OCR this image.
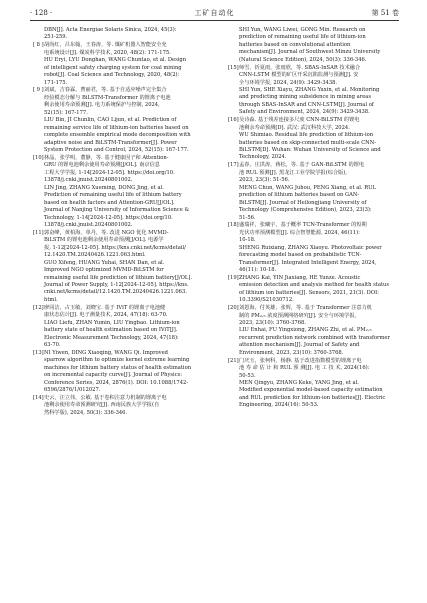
· 128 ·	工矿自动化	第 51 卷
DBN[J]. Acta Energiae Solaris Sinica, 2024, 45(3):
251-259.
[ 8 ]胡尚红，吕东翰，王春涛，等. 煤矿机器人智能安全充
电系统设计[J]. 煤炭科学技术, 2020, 48(2): 171-175.
HU Eryi, LYU Donghan, WANG Chuntao, et al. Design
of intelligent safety charging system for coal mining
robot[J]. Coal Science and Technology, 2020, 48(2):
171-175.
[ 9 ]刘斌，吉春霖，曹丽君，等. 基于自适应噪声完全集合
经验模态分解与 BiLSTM-Transformer 的锂离子电池
剩余使用寿命预测[J]. 电力系统保护与控制, 2024,
52(15): 167-177.
LIU Bin, JI Chunlin, CAO Lijun, et al. Prediction of
remaining service life of lithium-ion batteries based on
complete ensemble empirical mode decomposition with
adaptive noise and BiLSTM-Transformer[J]. Power
System Protection and Control, 2024, 52(15): 167-177.
[10]林晶，张学明，董静，等. 基于健康因子和 Attention-
GRU 的锂电池剩余使用寿命预测[J/OL]. 南京信息
工程大学学报, 1-14[2024-12-05]. https://doi.org/10.
13878/j.cnki.jnuist.20240801002.
LIN Jing, ZHANG Xueming, DONG Jing, et al.
Prediction of remaining useful life of lithium battery
based on health factors and Attention-GRU[J/OL].
Journal of Nanjing University of Information Science &
Technology, 1-14[2024-12-05]. https://doi.org/10.
13878/j.cnki.jnuist.20240801002.
[11]郭奋峰，黄柏海，单丹，等. 改进 NGO 优化 MVMD-
BiLSTM 的锂电池剩余使用寿命预测[J/OL]. 电源学
报, 1-12[2024-12-05]. https://kns.cnki.net/kcms/detail/
12.1420.TM.20240426.1221.063.html.
GUO Xifeng, HUANG Yuhai, SHAN Dan, et al.
Improved NGO optimized MVMD-BiLSTM for
remaining useful life prediction of lithium battery[J/OL].
Journal of Power Supply, 1-12[2024-12-05]. https://kns.
cnki.net/kcms/detail/12.1420.TM.20240426.1221.063.
html.
[12]廖同洁，占玉敏，刘晓宝. 基于 IViT 的锂离子电池健
康状态估计[J]. 电子测量技术, 2024, 47(18): 63-70.
LIAO Liefu, ZHAN Yumin, LIU Yingbao. Lithium-ion
battery state of health estimation based on IViT[J].
Electronic Measurement Technology, 2024, 47(18):
63-70.
[13]NI Yiwen, DING Xiaoqing, WANG Qi. Improved
sparrow algorithm to optimize kernel extreme learning
machines for lithium battery status of health estimation
on incremental capacity curve[J]. Journal of Physics:
Conference Series, 2024, 2876(1). DOI: 10.1088/1742-
6596/2876/1/012027.
[14]史云，汪立伟，公敏. 基于卷积注意力机制的锂离子电
池剩余使用寿命预测研究[J]. 西南民族大学学报(自
然科学版), 2024, 50(3): 336-346.
SHI Yun, WANG Liwei, GONG Min. Research on
prediction of remaining useful life of lithium-ion
batteries based on convolutional attention
mechanism[J]. Journal of Southwest Minzu University
(Natural Science Edition), 2024, 50(3): 336-346.
[15]师雪，折夏雨，张雨欣，等. SBAS-InSAR 技术融合
CNN-LSTM 模型的矿区开采沉陷监测与预测[J]. 安
全与环境学报, 2024, 24(9): 3429-3438.
SHI Yun, SHE Xiayu, ZHANG Yuxin, et al. Monitoring
and predicting mining subsidence in mining areas
through SBAS-InSAR and CNN-LSTM[J]. Journal of
Safety and Environment, 2024, 24(9): 3429-3438.
[16]吴诗淼. 基于残差连接多尺度 CNN-BiLSTM 的锂电
池剩余寿命预测[D]. 武汉: 武汉科技大学, 2024.
WU Shimiao. Residual life prediction of lithium-ion
batteries based on skip-connected multi-scale CNN-
BiLSTM[D]. Wuhan: Wuhan University of Science and
Technology, 2024.
[17]孟春，庄洪涛，蒋松，等. 基于 GAN-BiLSTM 的锂电
池 RUL 预测[J]. 黑龙江工业学院学报(综合版),
2023, 23(3): 51-56.
MENG Chun, WANG Juhou, PENG Xiang, et al. RUL
prediction of lithium batteries based on GAN-
BiLSTM[J]. Journal of Heilongjiang University of
Technology (Comprehensive Edition), 2023, 23(3):
51-56.
[18]盛瑞祥，张曦宇，基于概率 TCN-Transformer 的短期
光伏功率预测模型[J]. 综合智慧能源, 2024, 46(11):
10-18.
SHENG Ruixiang, ZHANG Xiaoyu. Photovoltaic power
forecasting model based on probabilistic TCN-
Transformer[J]. Integrated Intelligent Energy, 2024,
46(11): 10-18.
[19]ZHANG Kai, YIN Jiaxiang, HE Yunze. Acoustic
emission detection and analysis method for health status
of lithium ion batteries[J]. Sensors, 2021, 21(3). DOI:
10.3390/S21030712.
[20]刘恩海，付英雄，张辉，等. 基于 Transformer 注意力机
制的 PM₂.₅ 浓度预测网络研究[J]. 安全与环境学报,
2023, 23(10): 3760-3768.
LIU Enhai, FU Yingxiong, ZHANG Zhi, et al. PM₂.₅
recurrent prediction network combined with transformer
attention mechanism[J]. Journal of Safety and
Environment, 2023, 23(10): 3760-3768.
[21]门庆玉，张柯科，杨静. 基于改进指数模型的锂离子电
池 寿 命 估 计 和 RUL 预 测[J]. 电 工 技 术, 2024(16):
50-53.
MEN Qingyu, ZHANG Keke, YANG Jing, et al.
Modified exponential model-based capacity estimation
and RUL prediction for lithium-ion batteries[J]. Electric
Engineering, 2024(16): 50-53.
